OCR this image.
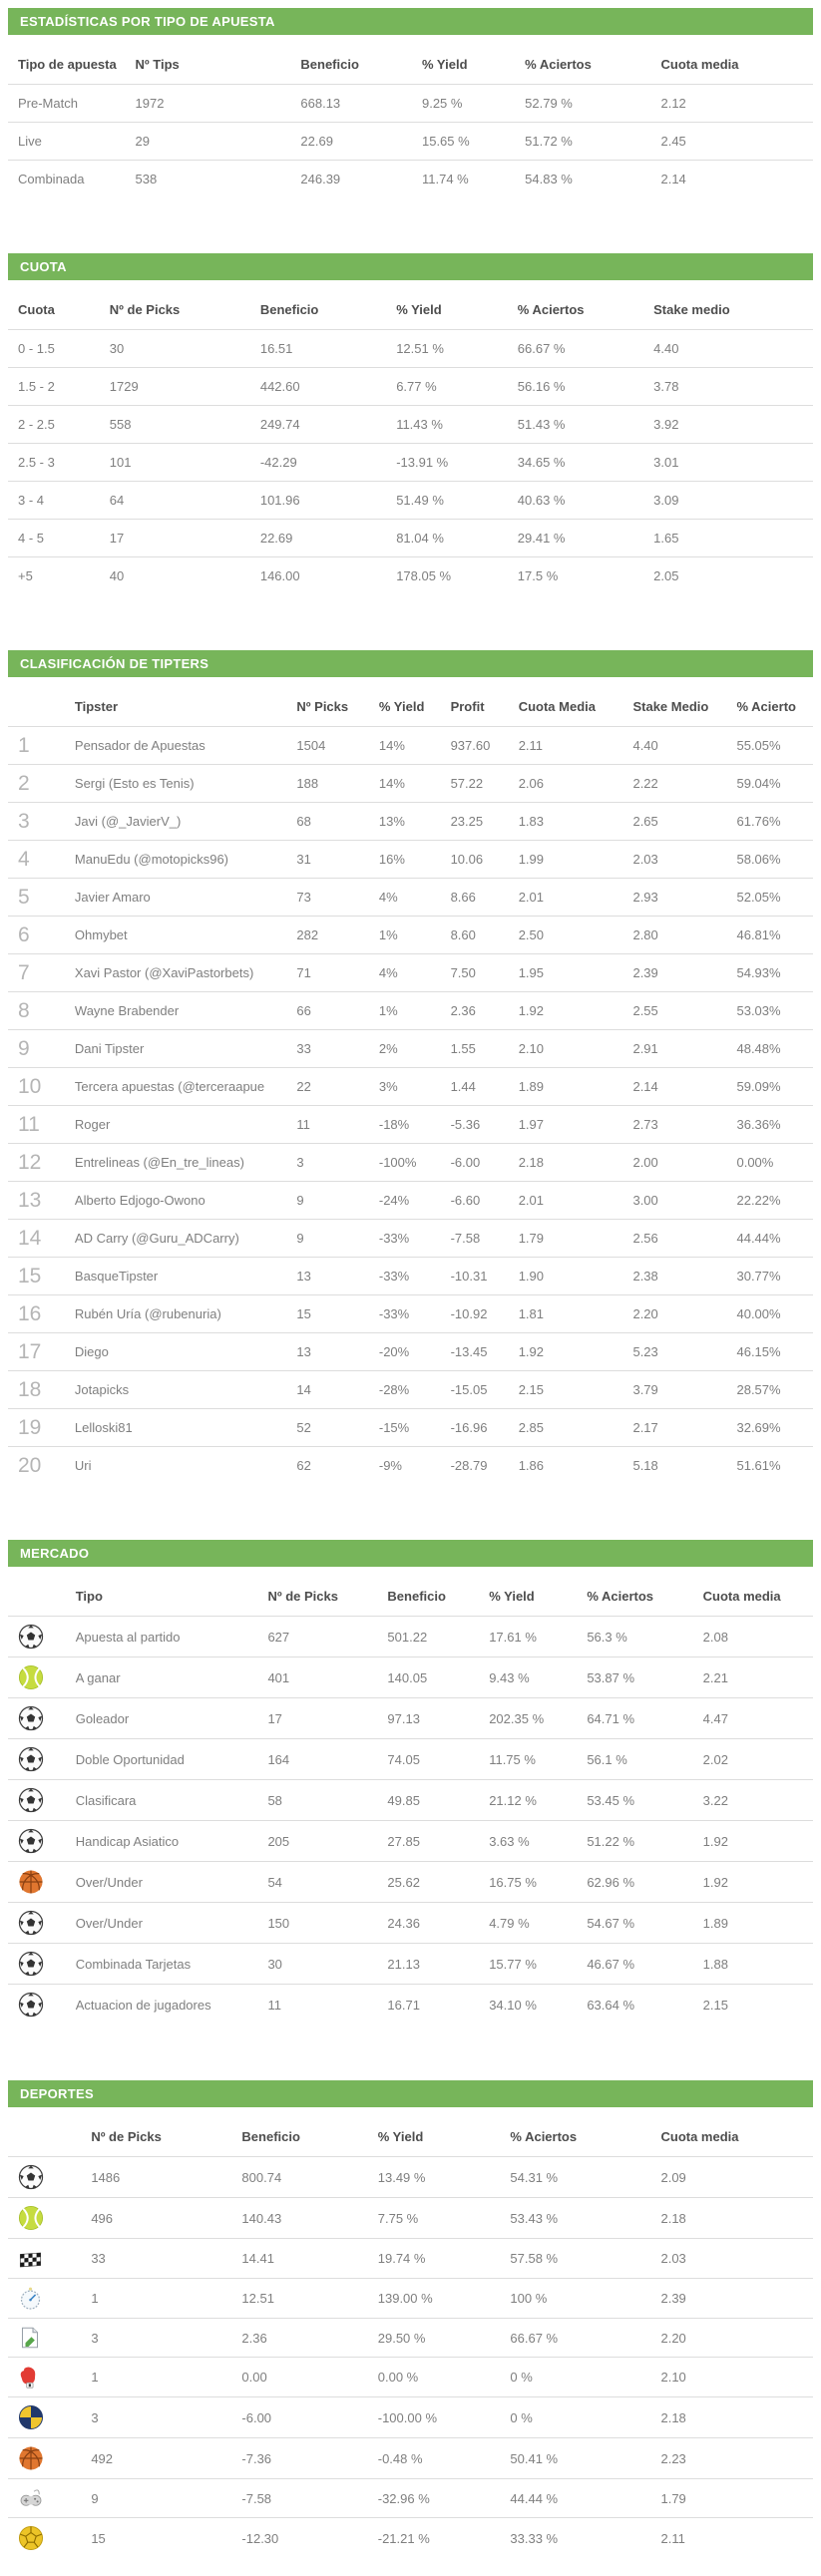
ESTADÍSTICAS POR TIPO DE APUESTA
Tipo de apuesta	Nº Tips	Beneficio	% Yield	% Aciertos	Cuota media
Pre-Match	1972	668.13	9.25 %	52.79 %	2.12
Live	29	22.69	15.65 %	51.72 %	2.45
Combinada	538	246.39	11.74 %	54.83 %	2.14
CUOTA
Cuota	Nº de Picks	Beneficio	% Yield	% Aciertos	Stake medio
0 - 1.5	30	16.51	12.51 %	66.67 %	4.40
1.5 - 2	1729	442.60	6.77 %	56.16 %	3.78
2 - 2.5	558	249.74	11.43 %	51.43 %	3.92
2.5 - 3	101	-42.29	-13.91 %	34.65 %	3.01
3 - 4	64	101.96	51.49 %	40.63 %	3.09
4 - 5	17	22.69	81.04 %	29.41 %	1.65
+5	40	146.00	178.05 %	17.5 %	2.05
CLASIFICACIÓN DE TIPTERS
	Tipster	Nº Picks	% Yield	Profit	Cuota Media	Stake Medio	% Acierto
1	Pensador de Apuestas	1504	14%	937.60	2.11	4.40	55.05%
2	Sergi (Esto es Tenis)	188	14%	57.22	2.06	2.22	59.04%
3	Javi (@_JavierV_)	68	13%	23.25	1.83	2.65	61.76%
4	ManuEdu (@motopicks96)	31	16%	10.06	1.99	2.03	58.06%
5	Javier Amaro	73	4%	8.66	2.01	2.93	52.05%
6	Ohmybet	282	1%	8.60	2.50	2.80	46.81%
7	Xavi Pastor (@XaviPastorbets)	71	4%	7.50	1.95	2.39	54.93%
8	Wayne Brabender	66	1%	2.36	1.92	2.55	53.03%
9	Dani Tipster	33	2%	1.55	2.10	2.91	48.48%
10	Tercera apuestas (@terceraapue	22	3%	1.44	1.89	2.14	59.09%
11	Roger	11	-18%	-5.36	1.97	2.73	36.36%
12	Entrelineas (@En_tre_lineas)	3	-100%	-6.00	2.18	2.00	0.00%
13	Alberto Edjogo-Owono	9	-24%	-6.60	2.01	3.00	22.22%
14	AD Carry (@Guru_ADCarry)	9	-33%	-7.58	1.79	2.56	44.44%
15	BasqueTipster	13	-33%	-10.31	1.90	2.38	30.77%
16	Rubén Uría (@rubenuria)	15	-33%	-10.92	1.81	2.20	40.00%
17	Diego	13	-20%	-13.45	1.92	5.23	46.15%
18	Jotapicks	14	-28%	-15.05	2.15	3.79	28.57%
19	Lelloski81	52	-15%	-16.96	2.85	2.17	32.69%
20	Uri	62	-9%	-28.79	1.86	5.18	51.61%
MERCADO
	Tipo	Nº de Picks	Beneficio	% Yield	% Aciertos	Cuota media

	Apuesta al partido	627	501.22	17.61 %	56.3 %	2.08

	A ganar	401	140.05	9.43 %	53.87 %	2.21

	Goleador	17	97.13	202.35 %	64.71 %	4.47

	Doble Oportunidad	164	74.05	11.75 %	56.1 %	2.02

	Clasificara	58	49.85	21.12 %	53.45 %	3.22

	Handicap Asiatico	205	27.85	3.63 %	51.22 %	1.92

	Over/Under	54	25.62	16.75 %	62.96 %	1.92

	Over/Under	150	24.36	4.79 %	54.67 %	1.89

	Combinada Tarjetas	30	21.13	15.77 %	46.67 %	1.88

	Actuacion de jugadores	11	16.71	34.10 %	63.64 %	2.15
DEPORTES
	Nº de Picks	Beneficio	% Yield	% Aciertos	Cuota media

	1486	800.74	13.49 %	54.31 %	2.09

	496	140.43	7.75 %	53.43 %	2.18

	33	14.41	19.74 %	57.58 %	2.03

	1	12.51	139.00 %	100 %	2.39

	3	2.36	29.50 %	66.67 %	2.20

	1	0.00	0.00 %	0 %	2.10

	3	-6.00	-100.00 %	0 %	2.18

	492	-7.36	-0.48 %	50.41 %	2.23

	9	-7.58	-32.96 %	44.44 %	1.79

	15	-12.30	-21.21 %	33.33 %	2.11
